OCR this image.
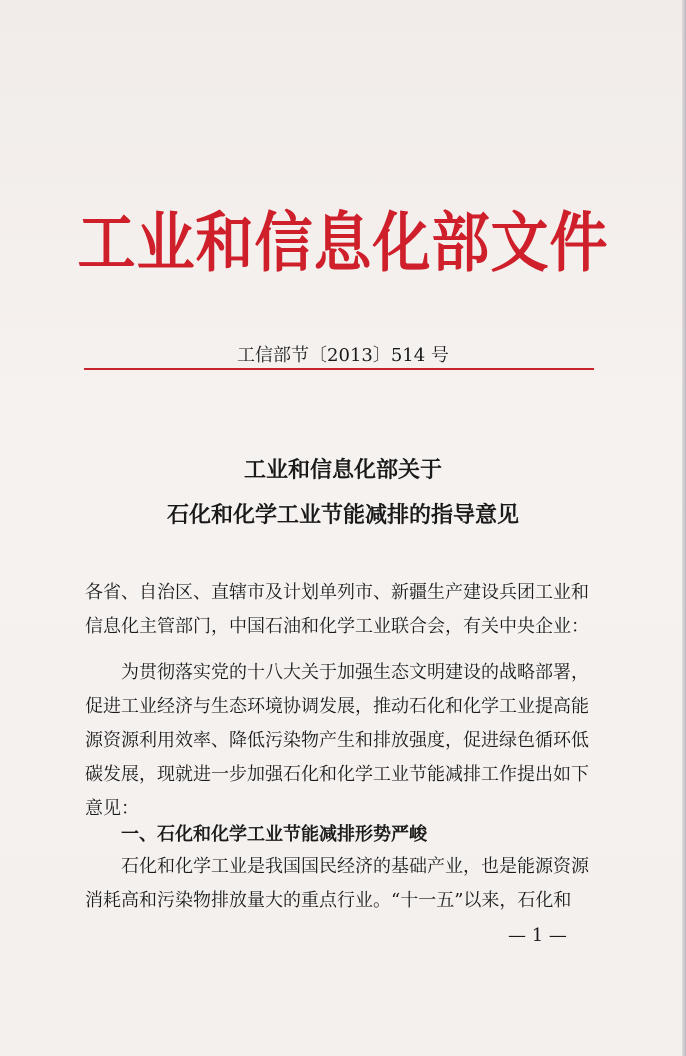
工业和信息化部文件
工信部节〔2013〕514 号
工业和信息化部关于
石化和化学工业节能减排的指导意见
各省、自治区、直辖市及计划单列市、新疆生产建设兵团工业和
信息化主管部门，中国石油和化学工业联合会，有关中央企业：
为贯彻落实党的十八大关于加强生态文明建设的战略部署，
促进工业经济与生态环境协调发展，推动石化和化学工业提高能
源资源利用效率、降低污染物产生和排放强度，促进绿色循环低
碳发展，现就进一步加强石化和化学工业节能减排工作提出如下
意见：
一、石化和化学工业节能减排形势严峻
石化和化学工业是我国国民经济的基础产业，也是能源资源
消耗高和污染物排放量大的重点行业。“十一五”以来，石化和
— 1 —
